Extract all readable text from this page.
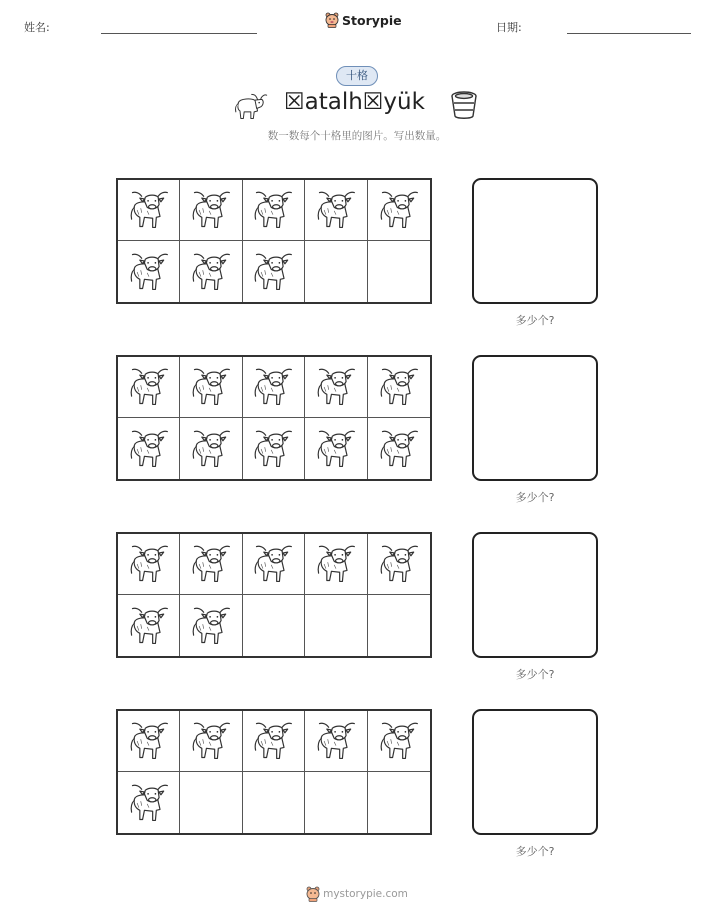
姓名:	Storypie	日期:
十格
☒atalh☒yük
数一数每个十格里的图片。写出数量。
多少个?
多少个?
多少个?
多少个?
mystorypie.com
